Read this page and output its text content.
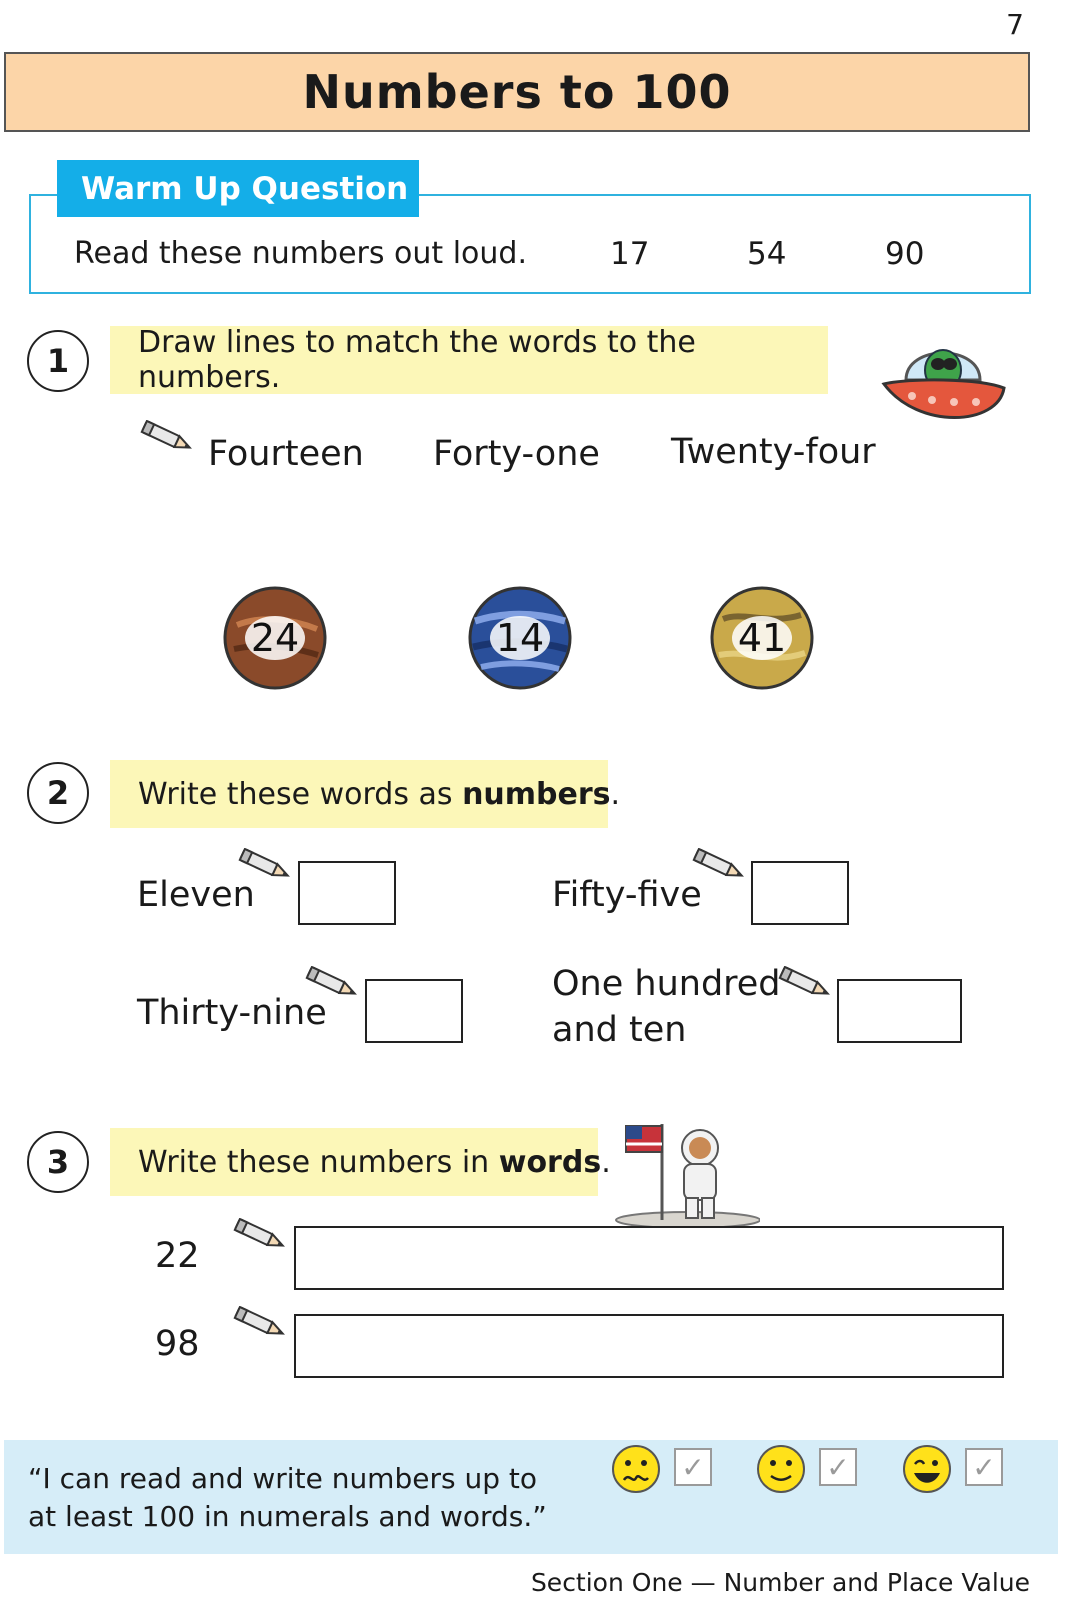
7
Numbers to 100
Warm Up Question
Read these numbers out loud.	17	54	90
1	Draw lines to match the words to the numbers.
Fourteen Forty-one Twenty-four
24	14	41
2	Write these words as numbers .
Eleven	Fifty-five
Thirty-nine
One hundred
and ten
3	Write these numbers in words .
22
98
“I can read and write numbers up to
at least 100 in numerals and words.”
✓	✓	✓
Section One — Number and Place Value
